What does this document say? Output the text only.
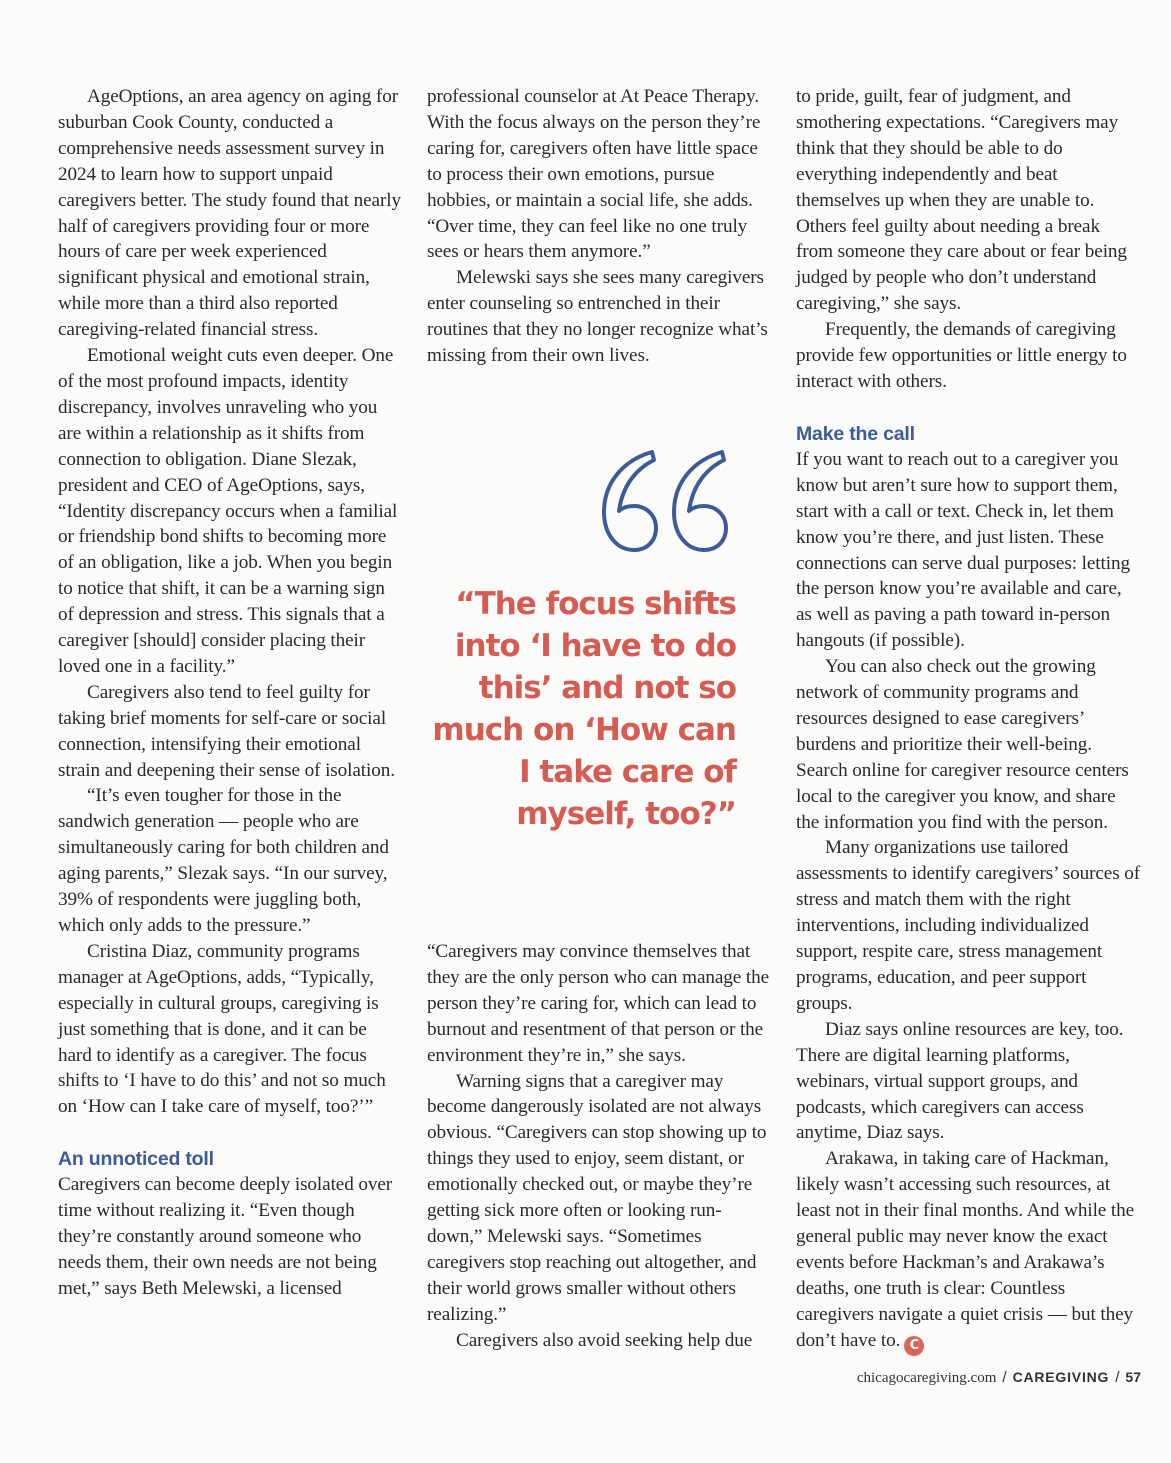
AgeOptions, an area agency on aging for suburban Cook County, conducted a comprehensive needs assessment survey in 2024 to learn how to support unpaid caregivers better. The study found that nearly half of caregivers providing four or more hours of care per week experienced significant physical and emotional strain, while more than a third also reported caregiving-related financial stress.

Emotional weight cuts even deeper. One of the most profound impacts, identity discrepancy, involves unraveling who you are within a relationship as it shifts from connection to obligation. Diane Slezak, president and CEO of AgeOptions, says, “Identity discrepancy occurs when a familial or friendship bond shifts to becoming more of an obligation, like a job. When you begin to notice that shift, it can be a warning sign of depression and stress. This signals that a caregiver [should] consider placing their loved one in a facility.”

Caregivers also tend to feel guilty for taking brief moments for self-care or social connection, intensifying their emotional strain and deepening their sense of isolation.

“It’s even tougher for those in the sandwich generation — people who are simultaneously caring for both children and aging parents,” Slezak says. “In our survey, 39% of respondents were juggling both, which only adds to the pressure.”

Cristina Diaz, community programs manager at AgeOptions, adds, “Typically, especially in cultural groups, caregiving is just something that is done, and it can be hard to identify as a caregiver. The focus shifts to ‘I have to do this’ and not so much on ‘How can I take care of myself, too?’”

An unnoticed toll

Caregivers can become deeply isolated over time without realizing it. “Even though they’re constantly around someone who needs them, their own needs are not being met,” says Beth Melewski, a licensed

professional counselor at At Peace Therapy. With the focus always on the person they’re caring for, caregivers often have little space to process their own emotions, pursue hobbies, or maintain a social life, she adds. “Over time, they can feel like no one truly sees or hears them anymore.”

Melewski says she sees many caregivers enter counseling so entrenched in their routines that they no longer recognize what’s missing from their own lives.

“The focus shifts into ‘I have to do this’ and not so much on ‘How can I take care of myself, too?”

“Caregivers may convince themselves that they are the only person who can manage the person they’re caring for, which can lead to burnout and resentment of that person or the environment they’re in,” she says.

Warning signs that a caregiver may become dangerously isolated are not always obvious. “Caregivers can stop showing up to things they used to enjoy, seem distant, or emotionally checked out, or maybe they’re getting sick more often or looking run-down,” Melewski says. “Sometimes caregivers stop reaching out altogether, and their world grows smaller without others realizing.”

Caregivers also avoid seeking help due

to pride, guilt, fear of judgment, and smothering expectations. “Caregivers may think that they should be able to do everything independently and beat themselves up when they are unable to. Others feel guilty about needing a break from someone they care about or fear being judged by people who don’t understand caregiving,” she says.

Frequently, the demands of caregiving provide few opportunities or little energy to interact with others.

Make the call

If you want to reach out to a caregiver you know but aren’t sure how to support them, start with a call or text. Check in, let them know you’re there, and just listen. These connections can serve dual purposes: letting the person know you’re available and care, as well as paving a path toward in-person hangouts (if possible).

You can also check out the growing network of community programs and resources designed to ease caregivers’ burdens and prioritize their well-being. Search online for caregiver resource centers local to the caregiver you know, and share the information you find with the person.

Many organizations use tailored assessments to identify caregivers’ sources of stress and match them with the right interventions, including individualized support, respite care, stress management programs, education, and peer support groups.

Diaz says online resources are key, too. There are digital learning platforms, webinars, virtual support groups, and podcasts, which caregivers can access anytime, Diaz says.

Arakawa, in taking care of Hackman, likely wasn’t accessing such resources, at least not in their final months. And while the general public may never know the exact events before Hackman’s and Arakawa’s deaths, one truth is clear: Countless caregivers navigate a quiet crisis — but they don’t have to. C

chicagocaregiving.com / CAREGIVING / 57
